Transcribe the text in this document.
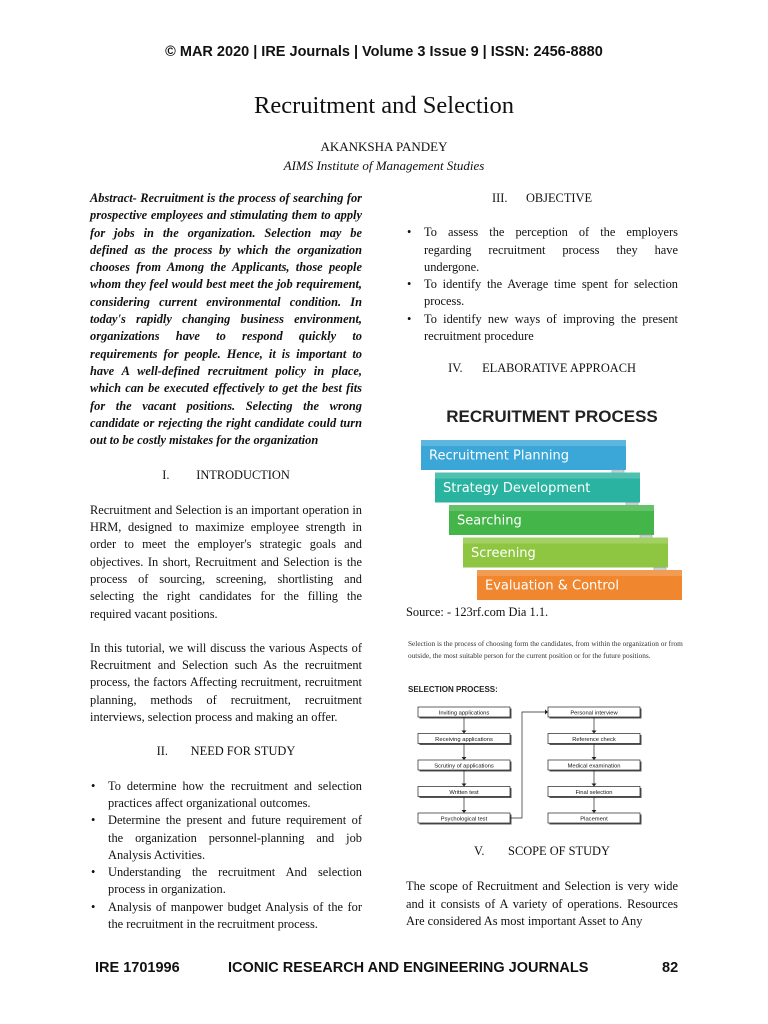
© MAR 2020 | IRE Journals | Volume 3 Issue 9 | ISSN: 2456-8880
Recruitment and Selection
AKANKSHA PANDEY
AIMS Institute of Management Studies

Abstract- Recruitment is the process of searching for prospective employees and stimulating them to apply for jobs in the organization. Selection may be defined as the process by which the organization chooses from Among the Applicants, those people whom they feel would best meet the job requirement, considering current environmental condition. In today's rapidly changing business environment, organizations have to respond quickly to requirements for people. Hence, it is important to have A well-defined recruitment policy in place, which can be executed effectively to get the best fits for the vacant positions. Selecting the wrong candidate or rejecting the right candidate could turn out to be costly mistakes for the organization

I. INTRODUCTION

Recruitment and Selection is an important operation in HRM, designed to maximize employee strength in order to meet the employer's strategic goals and objectives. In short, Recruitment and Selection is the process of sourcing, screening, shortlisting and selecting the right candidates for the filling the required vacant positions.

In this tutorial, we will discuss the various Aspects of Recruitment and Selection such As the recruitment process, the factors Affecting recruitment, recruitment planning, methods of recruitment, recruitment interviews, selection process and making an offer.

II. NEED FOR STUDY
• To determine how the recruitment and selection practices affect organizational outcomes.
• Determine the present and future requirement of the organization personnel-planning and job Analysis Activities.
• Understanding the recruitment And selection process in organization.
• Analysis of manpower budget Analysis of the for the recruitment in the recruitment process.
III. OBJECTIVE
• To assess the perception of the employers regarding recruitment process they have undergone.
• To identify the Average time spent for selection process.
• To identify new ways of improving the present recruitment procedure
IV. ELABORATIVE APPROACH
RECRUITMENT PROCESS
Recruitment Planning
Strategy Development
Searching
Screening
Evaluation & Control
Source: - 123rf.com Dia 1.1.
Selection is the process of choosing form the candidates, from within the organization or from
outside, the most suitable person for the current position or for the future positions.
SELECTION PROCESS:
Inviting applications
Receiving applications
Scrutiny of applications
Written test
Psychological test
Personal interview
Reference check
Medical examination
Final selection
Placement
V. SCOPE OF STUDY

The scope of Recruitment and Selection is very wide and it consists of A variety of operations. Resources Are considered As most important Asset to Any

IRE 1701996	ICONIC RESEARCH AND ENGINEERING JOURNALS	82
